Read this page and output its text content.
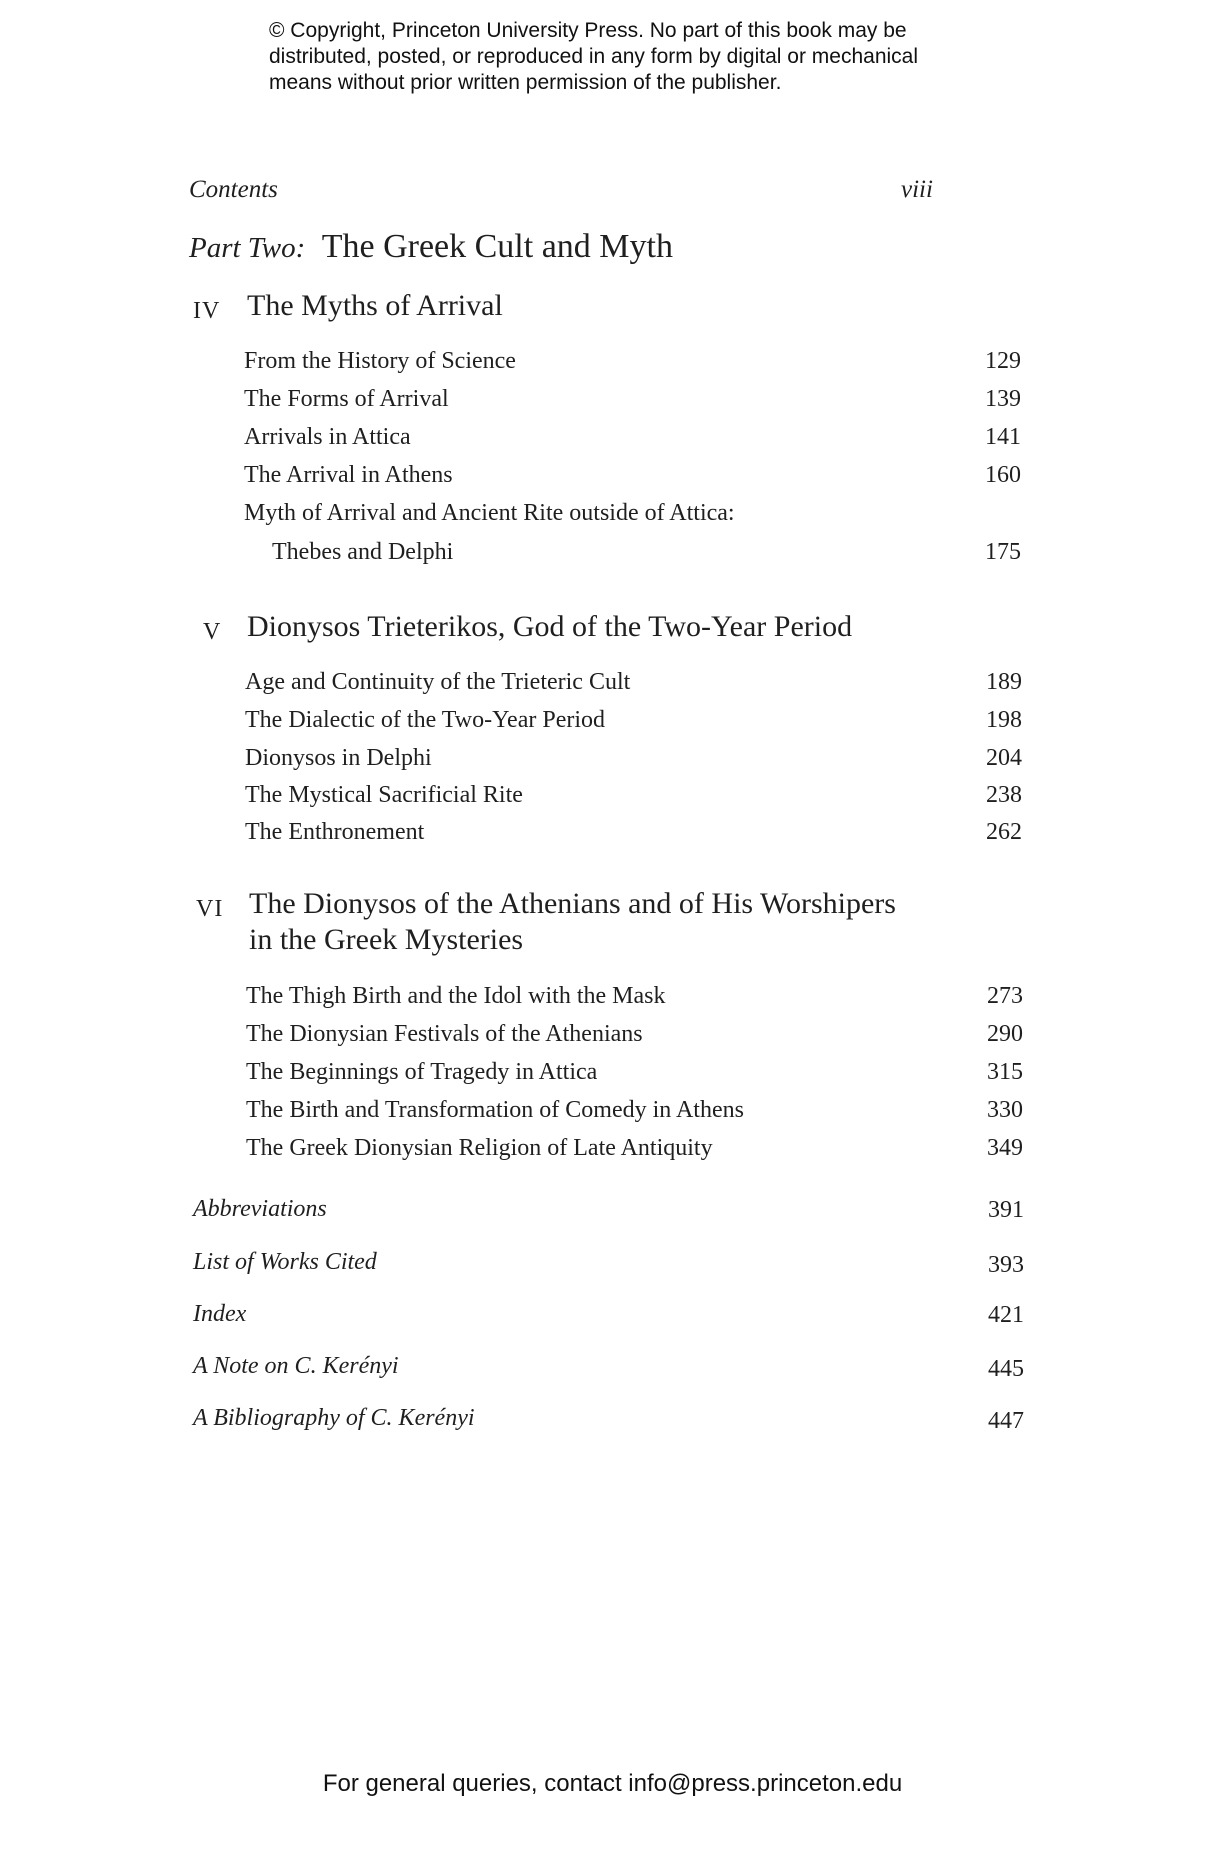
© Copyright, Princeton University Press. No part of this book may be
distributed, posted, or reproduced in any form by digital or mechanical
means without prior written permission of the publisher.
Contents	viii
Part Two: The Greek Cult and Myth
IV The Myths of Arrival
From the History of Science	129
The Forms of Arrival	139
Arrivals in Attica	141
The Arrival in Athens	160
Myth of Arrival and Ancient Rite outside of Attica:
Thebes and Delphi	175
V Dionysos Trieterikos, God of the Two-Year Period
Age and Continuity of the Trieteric Cult	189
The Dialectic of the Two-Year Period	198
Dionysos in Delphi	204
The Mystical Sacrificial Rite	238
The Enthronement	262
VI The Dionysos of the Athenians and of His Worshipers
in the Greek Mysteries
The Thigh Birth and the Idol with the Mask	273
The Dionysian Festivals of the Athenians	290
The Beginnings of Tragedy in Attica	315
The Birth and Transformation of Comedy in Athens	330
The Greek Dionysian Religion of Late Antiquity	349
Abbreviations	391
List of Works Cited	393
Index	421
A Note on C. Kerényi	445
A Bibliography of C. Kerényi	447
For general queries, contact info@press.princeton.edu
